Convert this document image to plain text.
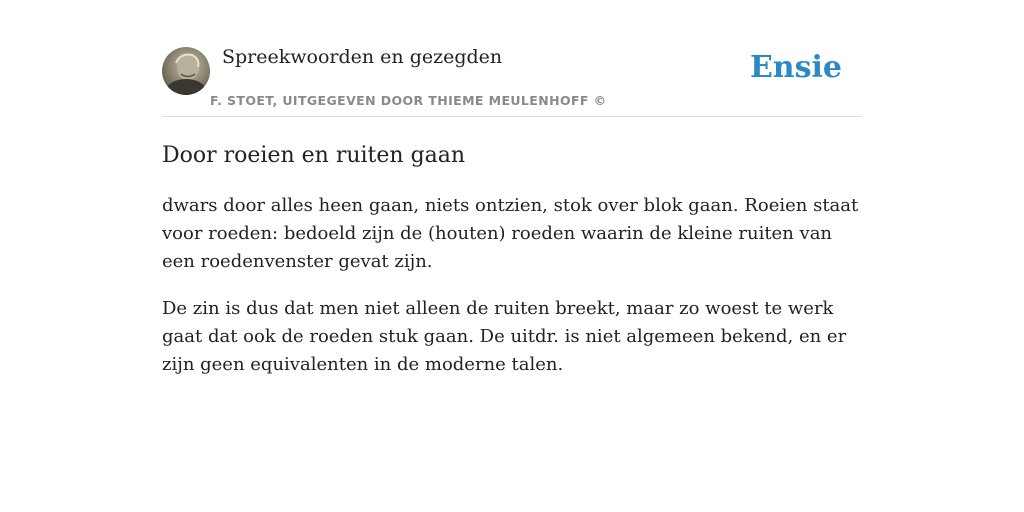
Spreekwoorden en gezegden
F. STOET, UITGEGEVEN DOOR THIEME MEULENHOFF ©
Ensie
Door roeien en ruiten gaan

dwars door alles heen gaan, niets ontzien, stok over blok gaan. Roeien staat voor roeden: bedoeld zijn de (houten) roeden waarin de kleine ruiten van een roedenvenster gevat zijn.

De zin is dus dat men niet alleen de ruiten breekt, maar zo woest te werk gaat dat ook de roeden stuk gaan. De uitdr. is niet algemeen bekend, en er zijn geen equivalenten in de moderne talen.
